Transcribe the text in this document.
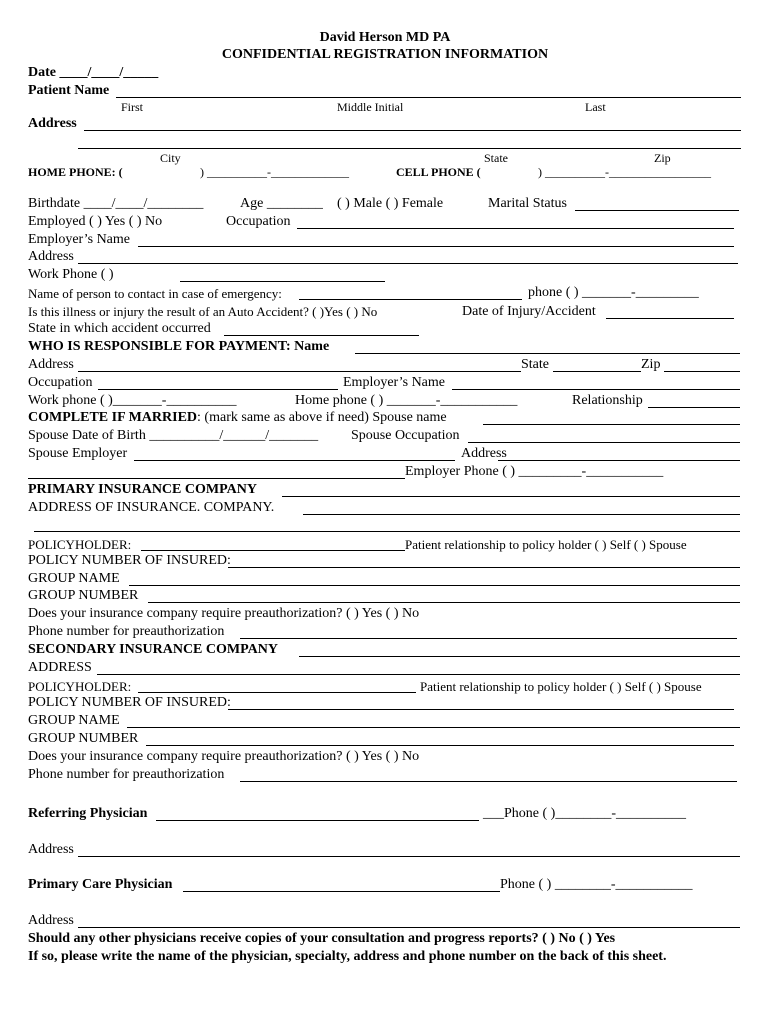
David Herson MD PA
CONFIDENTIAL REGISTRATION INFORMATION
Date ____/____/_____
Patient Name
First	Middle Initial	Last
Address
City	State	Zip
HOME PHONE: (	) __________-_____________	CELL PHONE (	) __________-_________________
Birthdate ____/____/________	Age ________ ( ) Male ( ) Female	Marital Status
Employed ( ) Yes ( ) No	Occupation
Employer’s Name
Address
Work Phone ( )
Name of person to contact in case of emergency:	phone ( ) _______-_________
Is this illness or injury the result of an Auto Accident? ( )Yes ( ) No	Date of Injury/Accident
State in which accident occurred
WHO IS RESPONSIBLE FOR PAYMENT: Name
Address	State	Zip
Occupation	Employer’s Name
Work phone ( )_______-__________	Home phone ( ) _______-___________	Relationship
COMPLETE IF MARRIED: (mark same as above if need) Spouse name
Spouse Date of Birth __________/______/_______ Spouse Occupation
Spouse Employer	Address
Employer Phone ( ) _________-___________
PRIMARY INSURANCE COMPANY
ADDRESS OF INSURANCE. COMPANY.
POLICYHOLDER:	Patient relationship to policy holder ( ) Self ( ) Spouse
POLICY NUMBER OF INSURED:
GROUP NAME
GROUP NUMBER
Does your insurance company require preauthorization? ( ) Yes ( ) No
Phone number for preauthorization
SECONDARY INSURANCE COMPANY
ADDRESS
POLICYHOLDER:	Patient relationship to policy holder ( ) Self ( ) Spouse
POLICY NUMBER OF INSURED:
GROUP NAME
GROUP NUMBER
Does your insurance company require preauthorization? ( ) Yes ( ) No
Phone number for preauthorization
Referring Physician	___Phone ( )________-__________
Address
Primary Care Physician	Phone ( ) ________-___________
Address
Should any other physicians receive copies of your consultation and progress reports? ( ) No ( ) Yes
If so, please write the name of the physician, specialty, address and phone number on the back of this sheet.
